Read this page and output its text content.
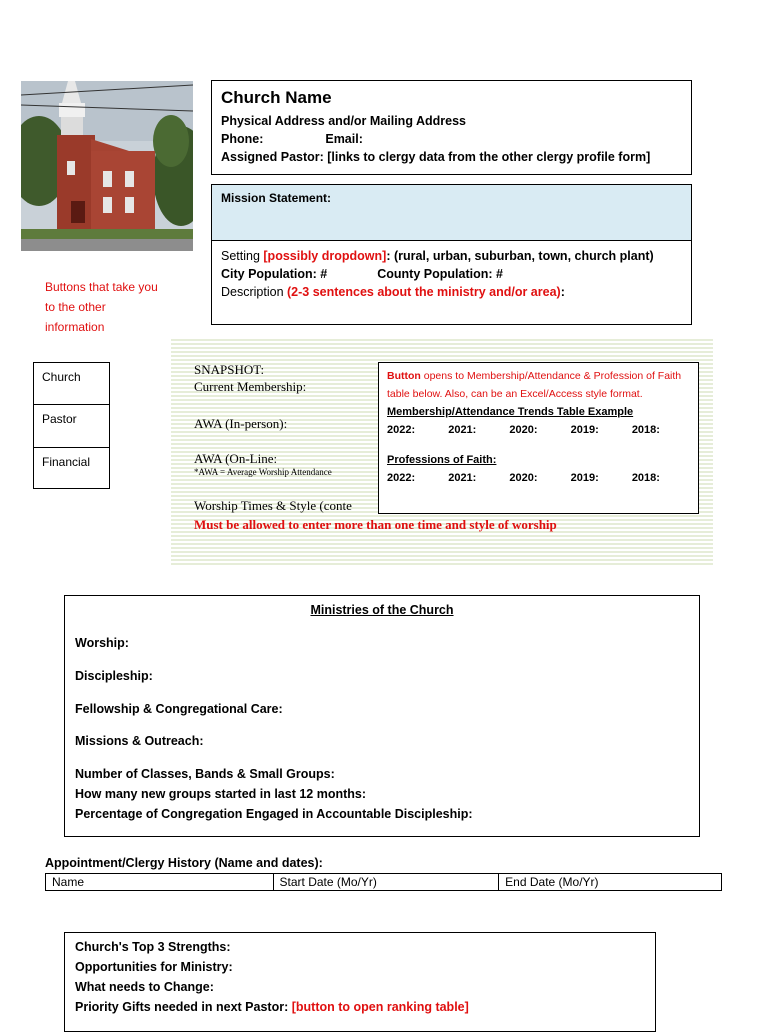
Church Name
Physical Address and/or Mailing Address
Phone:	Email:
Assigned Pastor: [links to clergy data from the other clergy profile form]
Mission Statement:
Setting [possibly dropdown]: (rural, urban, suburban, town, church plant)
City Population: #	County Population: #
Description (2-3 sentences about the ministry and/or area):
Buttons that take you to the other information
Church
Pastor
Financial
SNAPSHOT:
Current Membership:
AWA (In-person):
AWA (On-Line:
*AWA = Average Worship Attendance
Worship Times & Style (conte
Must be allowed to enter more than one time and style of worship
Button opens to Membership/Attendance & Profession of Faith table below. Also, can be an Excel/Access style format.
Membership/Attendance Trends Table Example
2022:	2021:	2020:	2019:	2018:
Professions of Faith:
2022:	2021:	2020:	2019:	2018:
Ministries of the Church
Worship:
Discipleship:
Fellowship & Congregational Care:
Missions & Outreach:
Number of Classes, Bands & Small Groups:
How many new groups started in last 12 months:
Percentage of Congregation Engaged in Accountable Discipleship:
Appointment/Clergy History (Name and dates):
Name	Start Date (Mo/Yr)	End Date (Mo/Yr)
Church's Top 3 Strengths:
Opportunities for Ministry:
What needs to Change:
Priority Gifts needed in next Pastor: [button to open ranking table]
